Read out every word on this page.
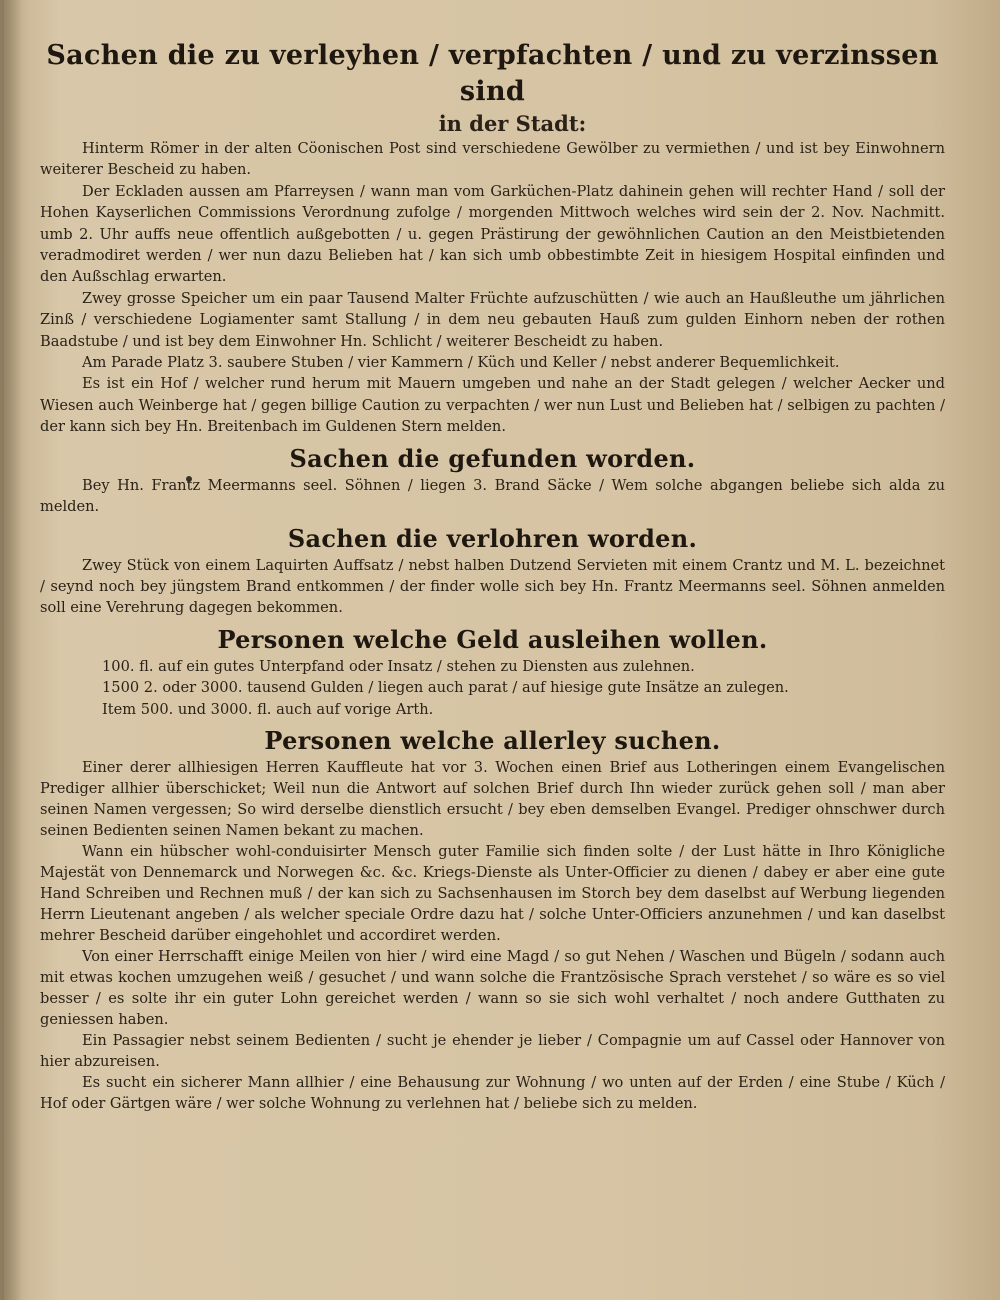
Sachen die zu verleyhen / verpfachten / und zu verzinssen sind
in der Stadt:

Hinterm Römer in der alten Cöonischen Post sind verschiedene Gewölber zu vermiethen / und ist bey Einwohnern weiterer Bescheid zu haben.

Der Eckladen aussen am Pfarreysen / wann man vom Garküchen-Platz dahinein gehen will rechter Hand / soll der Hohen Kayserlichen Commissions Verordnung zufolge / morgenden Mittwoch welches wird sein der 2. Nov. Nachmitt. umb 2. Uhr auffs neue offentlich außgebotten / u. gegen Prästirung der gewöhnlichen Caution an den Meistbietenden veradmodiret werden / wer nun dazu Belieben hat / kan sich umb obbestimbte Zeit in hiesigem Hospital einfinden und den Außschlag erwarten.

Zwey grosse Speicher um ein paar Tausend Malter Früchte aufzuschütten / wie auch an Haußleuthe um jährlichen Zinß / verschiedene Logiamenter samt Stallung / in dem neu gebauten Hauß zum gulden Einhorn neben der rothen Baadstube / und ist bey dem Einwohner Hn. Schlicht / weiterer Bescheidt zu haben.

Am Parade Platz 3. saubere Stuben / vier Kammern / Küch und Keller / nebst anderer Bequemlichkeit.

Es ist ein Hof / welcher rund herum mit Mauern umgeben und nahe an der Stadt gelegen / welcher Aecker und Wiesen auch Weinberge hat / gegen billige Caution zu verpachten / wer nun Lust und Belieben hat / selbigen zu pachten / der kann sich bey Hn. Breitenbach im Guldenen Stern melden.

Sachen die gefunden worden.

Bey Hn. Frantz Meermanns seel. Söhnen / liegen 3. Brand Säcke / Wem solche abgangen beliebe sich alda zu melden.

Sachen die verlohren worden.

Zwey Stück von einem Laquirten Auffsatz / nebst halben Dutzend Servieten mit einem Crantz und M. L. bezeichnet / seynd noch bey jüngstem Brand entkommen / der finder wolle sich bey Hn. Frantz Meermanns seel. Söhnen anmelden soll eine Verehrung dagegen bekommen.

Personen welche Geld ausleihen wollen.

100. fl. auf ein gutes Unterpfand oder Insatz / stehen zu Diensten aus zulehnen.

1500 2. oder 3000. tausend Gulden / liegen auch parat / auf hiesige gute Insätze an zulegen.

Item 500. und 3000. fl. auch auf vorige Arth.

Personen welche allerley suchen.

Einer derer allhiesigen Herren Kauffleute hat vor 3. Wochen einen Brief aus Lotheringen einem Evangelischen Prediger allhier überschicket; Weil nun die Antwort auf solchen Brief durch Ihn wieder zurück gehen soll / man aber seinen Namen vergessen; So wird derselbe dienstlich ersucht / bey eben demselben Evangel. Prediger ohnschwer durch seinen Bedienten seinen Namen bekant zu machen.

Wann ein hübscher wohl-conduisirter Mensch guter Familie sich finden solte / der Lust hätte in Ihro Königliche Majestät von Dennemarck und Norwegen &c. &c. Kriegs-Dienste als Unter-Officier zu dienen / dabey er aber eine gute Hand Schreiben und Rechnen muß / der kan sich zu Sachsenhausen im Storch bey dem daselbst auf Werbung liegenden Herrn Lieutenant angeben / als welcher speciale Ordre dazu hat / solche Unter-Officiers anzunehmen / und kan daselbst mehrer Bescheid darüber eingehohlet und accordiret werden.

Von einer Herrschafft einige Meilen von hier / wird eine Magd / so gut Nehen / Waschen und Bügeln / sodann auch mit etwas kochen umzugehen weiß / gesuchet / und wann solche die Frantzösische Sprach verstehet / so wäre es so viel besser / es solte ihr ein guter Lohn gereichet werden / wann so sie sich wohl verhaltet / noch andere Gutthaten zu geniessen haben.

Ein Passagier nebst seinem Bedienten / sucht je ehender je lieber / Compagnie um auf Cassel oder Hannover von hier abzureisen.

Es sucht ein sicherer Mann allhier / eine Behausung zur Wohnung / wo unten auf der Erden / eine Stube / Küch / Hof oder Gärtgen wäre / wer solche Wohnung zu verlehnen hat / beliebe sich zu melden.
